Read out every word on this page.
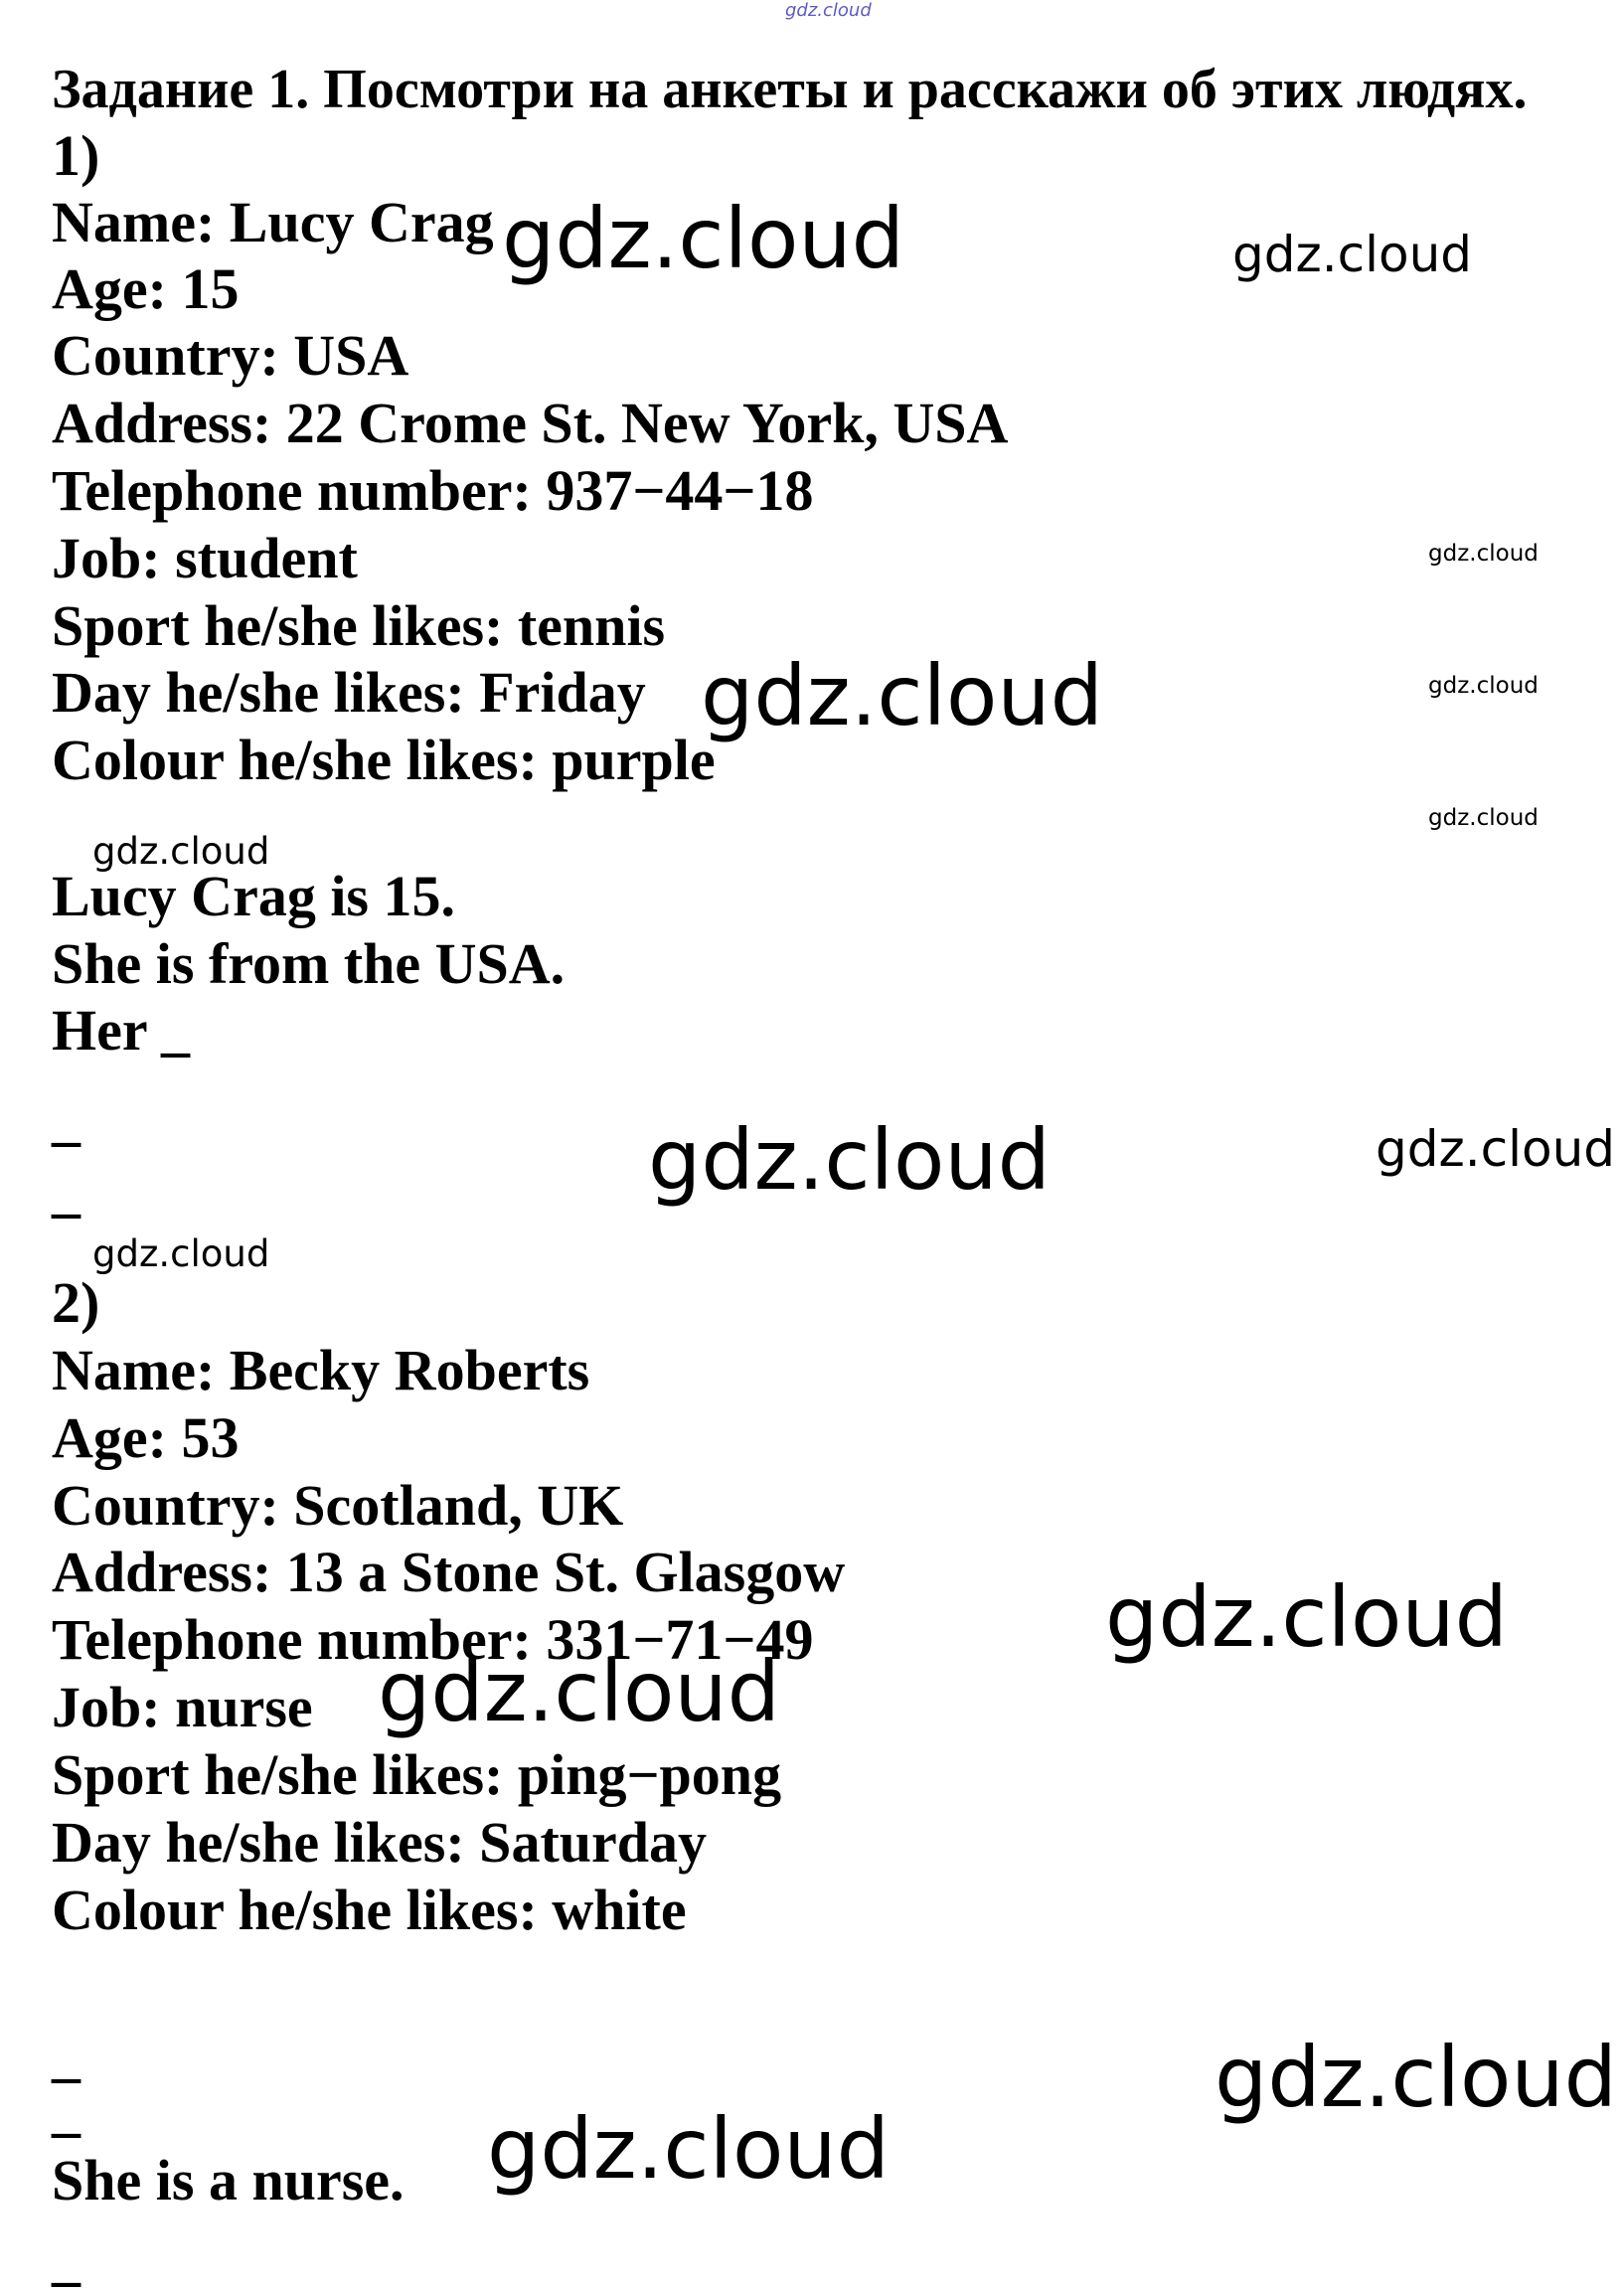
gdz.cloud
Задание 1. Посмотри на анкеты и расскажи об этих людях.
1)
Name: Lucy Crag
Age: 15
Country: USA
Address: 22 Crome St. New York, USA
Telephone number: 937−44−18
Job: student
Sport he/she likes: tennis
Day he/she likes: Friday
Colour he/she likes: purple
Lucy Crag is 15.
She is from the USA.
Her _
_
_
2)
Name: Becky Roberts
Age: 53
Country: Scotland, UK
Address: 13 a Stone St. Glasgow
Telephone number: 331−71−49
Job: nurse
Sport he/she likes: ping−pong
Day he/she likes: Saturday
Colour he/she likes: white
_
_
She is a nurse.
_
gdz.cloud	gdz.cloud
gdz.cloud
gdz.cloud
gdz.cloud
gdz.cloud
gdz.cloud
gdz.cloud	gdz.cloud
gdz.cloud
gdz.cloud
gdz.cloud
gdz.cloud
gdz.cloud
